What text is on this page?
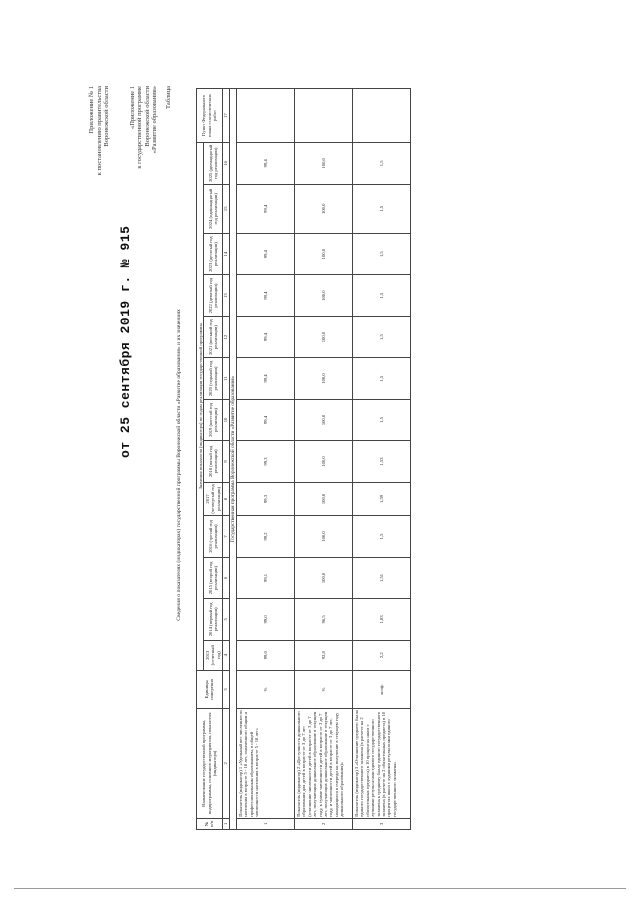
от 25 сентября 2019 г. № 915
Приложение № 1 к постановлению правительства Воронежской области	«Приложение 1 к государственной программе Воронежской области «Развитие образования» Таблица
Сведения о показателях (индикаторах) государственной программы Воронежской области «Развитие образования» и их значениях
№ п/п	Наименование государственной программы, подпрограммы, основного мероприятия, показателя (индикатора)	Единицы измерения	Значения показателя (индикатора) по годам реализации государственной программы													Пункт Федерального плана статистических работ
			2013 (отчетный год)	2014 (первый год реализации)	2015 (второй год реализации)	2016 (третий год реализации)	2017 (четвертый год реализации)	2018 (пятый год реализации)	2019 (шестой год реализации)	2020 (седьмой год реализации)	2021 (восьмой год реализации)	2022 (девятый год реализации)	2023 (десятый год реализации)	2024 (одиннадцатый год реализации)	2025 (двенадцатый год реализации)	
1	2	3	4	5	6	7	8	9	10	11	12	13	14	15	16	17
Государственная программа Воронежской области «Развитие образования»																
1	Показатель (индикатор) 1 «Удельный вес численности населения в возрасте 5 - 18 лет, охваченного общим и профессиональным образованием, в общей численности населения в возрасте 5 - 18 лет»	%	99,0	99,0	99,1	99,2	99,3	99,3	99,4	99,4	99,4	99,4	99,4	99,4	99,4	
2	Показатель (индикатор) 2 «Доступность дошкольного образования для детей в возрасте от 3 до 7 лет (отношение численности детей в возрасте от 3 до 7 лет, получающих дошкольное образование в текущем году, к сумме численности детей в возрасте от 3 до 7 лет, получающих дошкольное образование в текущем году, и численности детей в возрасте от 3 до 7 лет, находящихся в очереди на получение в текущем году дошкольного образования)»	%	92,8	96,5	100,0	100,0	100,0	100,0	100,0	100,0	100,0	100,0	100,0	100,0	100,0	
3	Показатель (индикатор) 3 «Отношение среднего балла единого государственного экзамена (в расчете на 2 обязательных предмета) в 10 процентах школ с лучшими результатами единого государственного экзамена к среднему баллу единого государственного экзамена (в расчете на 2 обязательных предмета) в 10 процентах школ с худшими результатами единого государственного экзамена»	коэф.	2,2	1,83	1,51	1,5	1,59	1,53	1,5	1,5	1,5	1,5	1,5	1,5	1,5	
